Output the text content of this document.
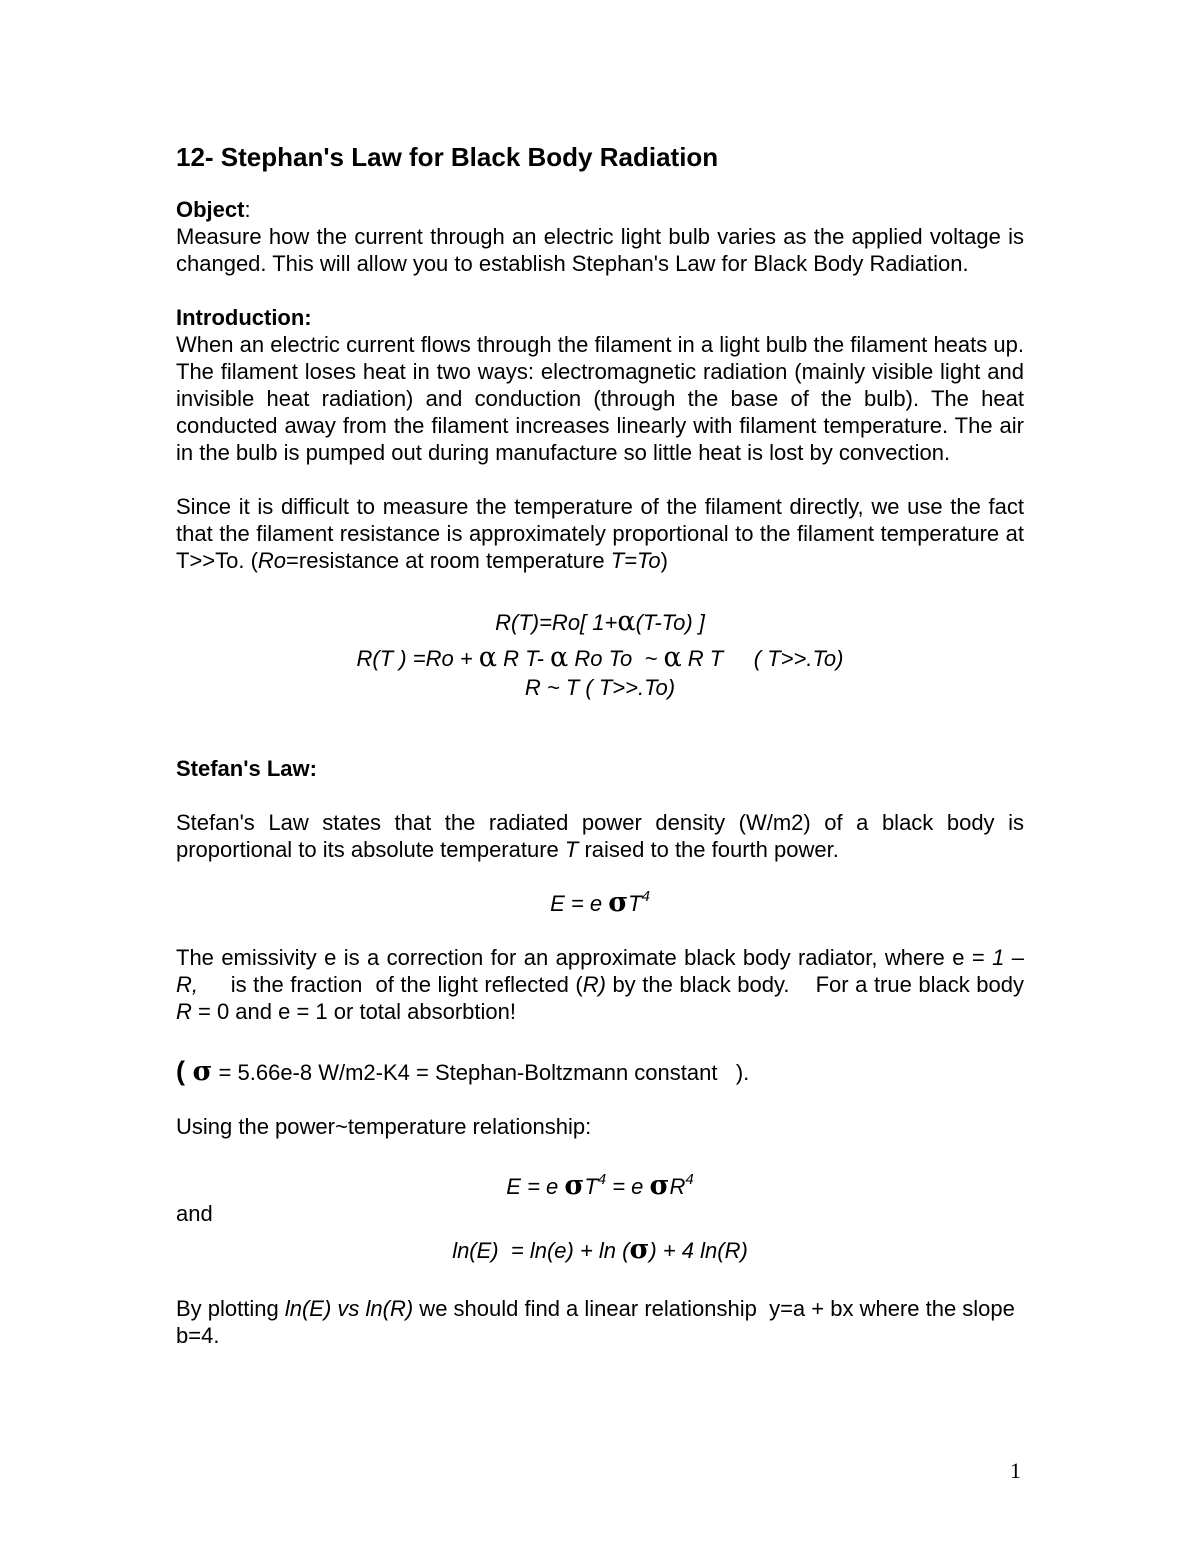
12- Stephan's Law for Black Body Radiation

Object:

Measure how the current through an electric light bulb varies as the applied voltage is changed. This will allow you to establish Stephan's Law for Black Body Radiation.

Introduction:

When an electric current flows through the filament in a light bulb the filament heats up. The filament loses heat in two ways: electromagnetic radiation (mainly visible light and invisible heat radiation) and conduction (through the base of the bulb). The heat conducted away from the filament increases linearly with filament temperature. The air in the bulb is pumped out during manufacture so little heat is lost by convection.

Since it is difficult to measure the temperature of the filament directly, we use the fact that the filament resistance is approximately proportional to the filament temperature at T>>To. (Ro=resistance at room temperature T=To)

R(T)=Ro[ 1+α(T-To) ]

R(T ) =Ro + α R T- α Ro To  ~ α R T     ( T>>.To)

R ~ T ( T>>.To)

Stefan's Law:

Stefan's Law states that the radiated power density (W/m2) of a black body is proportional to its absolute temperature T raised to the fourth power.

E = e $\sigma T^4$

The emissivity e is a correction for an approximate black body radiator, where e = 1 – R,     is the fraction  of the light reflected (R) by the black body.    For a true black body R = 0 and e = 1 or total absorbtion!

( σ = 5.66e-8 W/m2-K4 = Stephan-Boltzmann constant   ).

Using the power~temperature relationship:

E = e $\sigma T^4 = e$ $\sigma R^4$

and

ln(E)  = ln(e) + ln (σ) + 4 ln(R)

By plotting ln(E) vs ln(R) we should find a linear relationship  y=a + bx where the slope b=4.

1
